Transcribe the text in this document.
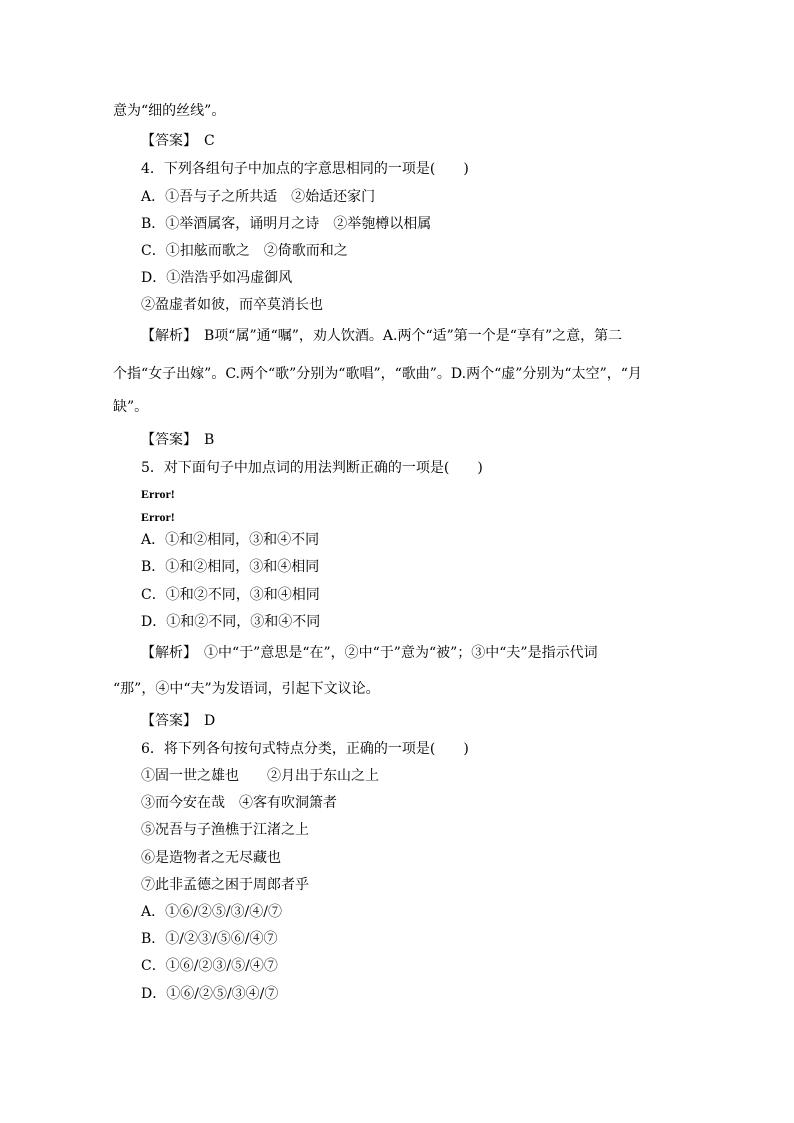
意为“细的丝线”。
【答案】　C
4．下列各组句子中加点的字意思相同的一项是(　　)
A．①吾与子之所共适　②始适还家门
B．①举酒属客，诵明月之诗　②举匏樽以相属
C．①扣舷而歌之　②倚歌而和之
D．①浩浩乎如冯虚御风
②盈虚者如彼，而卒莫消长也
【解析】　B项“属”通“嘱”，劝人饮酒。A.两个“适”第一个是“享有”之意，第二
个指“女子出嫁”。C.两个“歌”分别为“歌唱”，“歌曲”。D.两个“虚”分别为“太空”，“月
缺”。
【答案】　B
5．对下面句子中加点词的用法判断正确的一项是(　　)
Error!
Error!
A．①和②相同，③和④不同
B．①和②相同，③和④相同
C．①和②不同，③和④相同
D．①和②不同，③和④不同
【解析】　①中“于”意思是“在”，②中“于”意为“被”；③中“夫”是指示代词
“那”，④中“夫”为发语词，引起下文议论。
【答案】　D
6．将下列各句按句式特点分类，正确的一项是(　　)
①固一世之雄也　　②月出于东山之上
③而今安在哉　④客有吹洞箫者
⑤况吾与子渔樵于江渚之上
⑥是造物者之无尽藏也
⑦此非孟德之困于周郎者乎
A．①⑥/②⑤/③/④/⑦
B．①/②③/⑤⑥/④⑦
C．①⑥/②③/⑤/④⑦
D．①⑥/②⑤/③④/⑦
